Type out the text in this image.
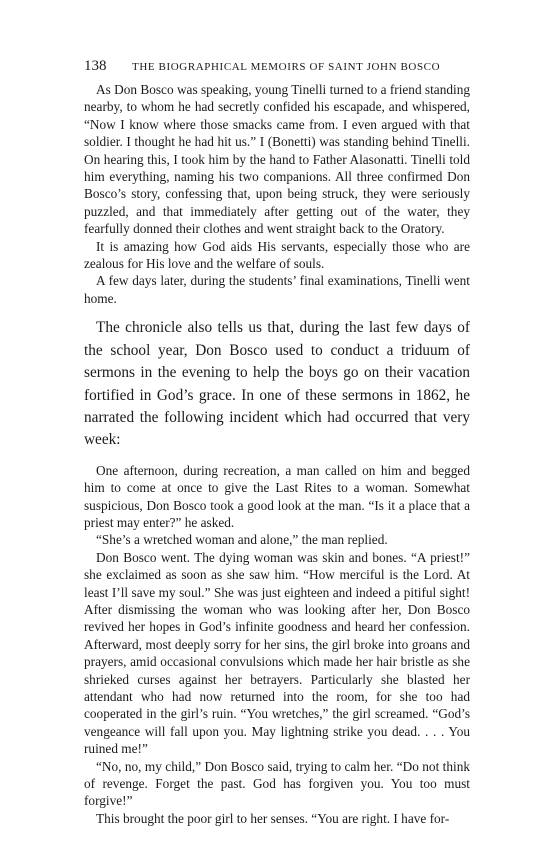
138	THE BIOGRAPHICAL MEMOIRS OF SAINT JOHN BOSCO

As Don Bosco was speaking, young Tinelli turned to a friend standing nearby, to whom he had secretly confided his escapade, and whispered, “Now I know where those smacks came from. I even argued with that soldier. I thought he had hit us.” I (Bonetti) was standing behind Tinelli. On hearing this, I took him by the hand to Father Alasonatti. Tinelli told him everything, naming his two companions. All three confirmed Don Bosco’s story, confessing that, upon being struck, they were seriously puzzled, and that immediately after getting out of the water, they fearfully donned their clothes and went straight back to the Oratory.

It is amazing how God aids His servants, especially those who are zealous for His love and the welfare of souls.

A few days later, during the students’ final examinations, Tinelli went home.

The chronicle also tells us that, during the last few days of the school year, Don Bosco used to conduct a triduum of sermons in the evening to help the boys go on their vacation fortified in God’s grace. In one of these sermons in 1862, he narrated the following incident which had occurred that very week:

One afternoon, during recreation, a man called on him and begged him to come at once to give the Last Rites to a woman. Somewhat suspicious, Don Bosco took a good look at the man. “Is it a place that a priest may enter?” he asked.

“She’s a wretched woman and alone,” the man replied.

Don Bosco went. The dying woman was skin and bones. “A priest!” she exclaimed as soon as she saw him. “How merciful is the Lord. At least I’ll save my soul.” She was just eighteen and indeed a pitiful sight! After dismissing the woman who was looking after her, Don Bosco revived her hopes in God’s infinite goodness and heard her confession. Afterward, most deeply sorry for her sins, the girl broke into groans and prayers, amid occasional convulsions which made her hair bristle as she shrieked curses against her betrayers. Particularly she blasted her attendant who had now returned into the room, for she too had cooperated in the girl’s ruin. “You wretches,” the girl screamed. “God’s vengeance will fall upon you. May lightning strike you dead. . . . You ruined me!”

“No, no, my child,” Don Bosco said, trying to calm her. “Do not think of revenge. Forget the past. God has forgiven you. You too must forgive!”

This brought the poor girl to her senses. “You are right. I have for-
